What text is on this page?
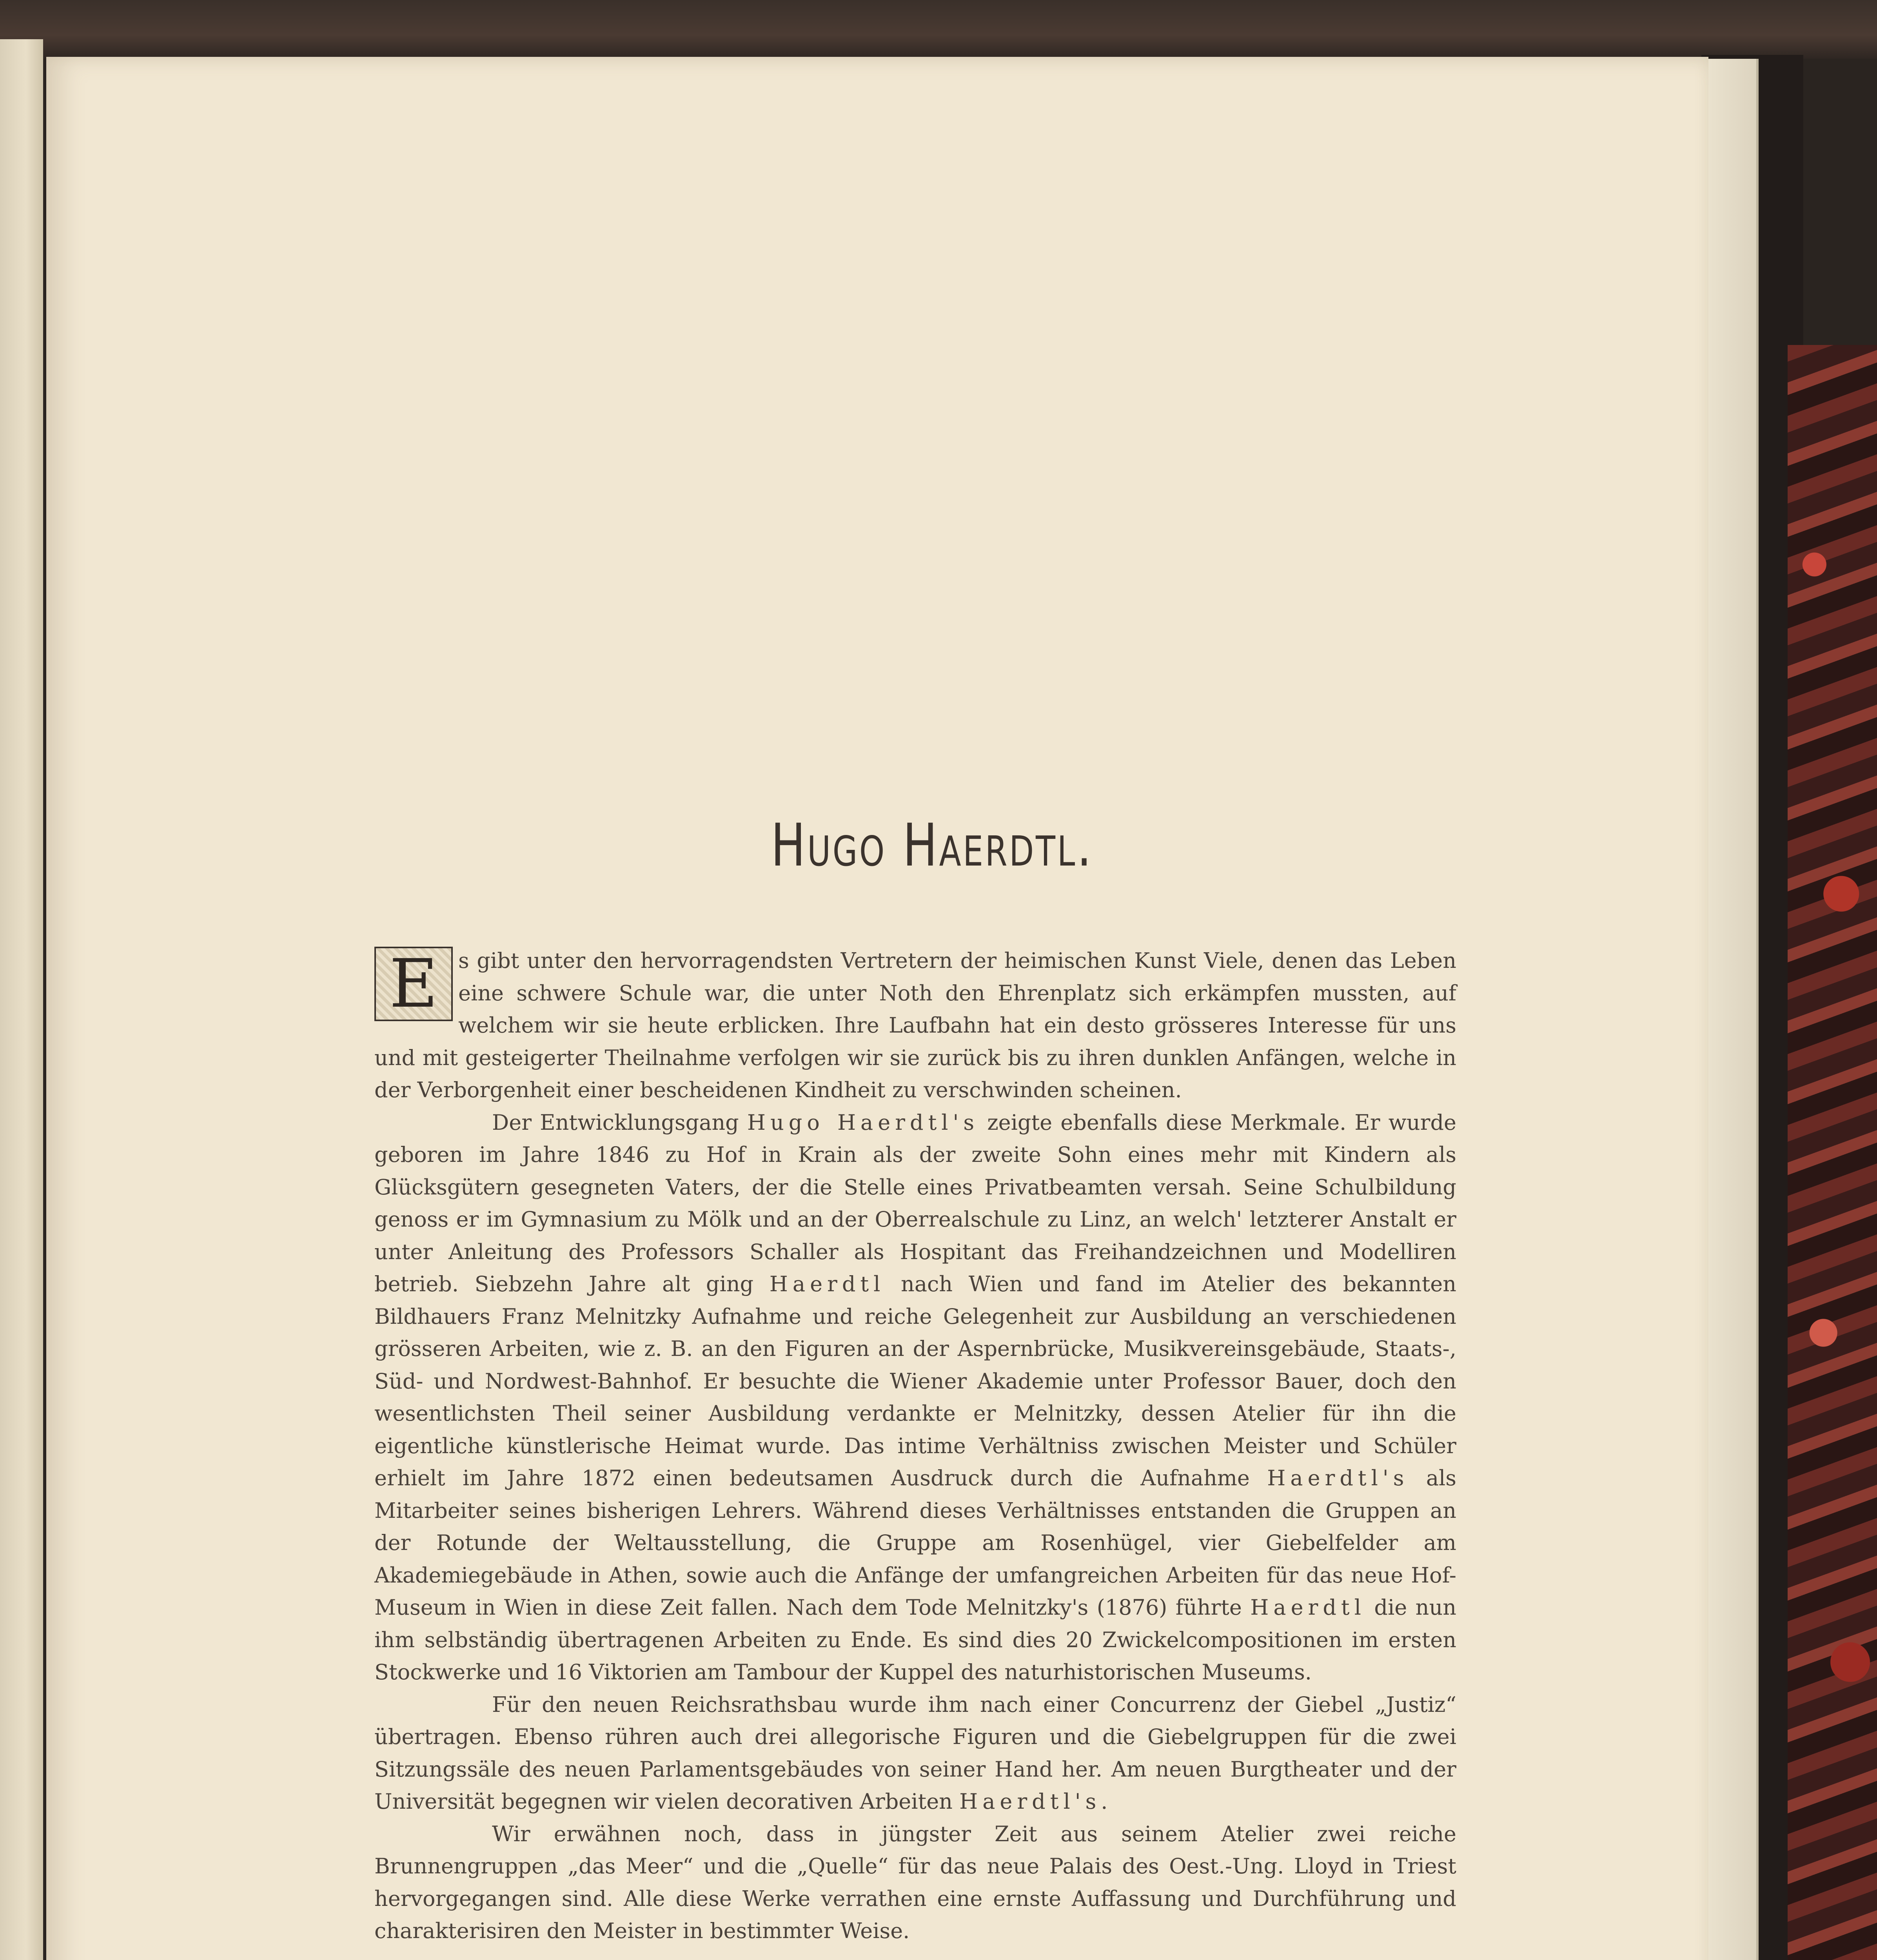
Hugo Haerdtl.

E s gibt unter den hervorragendsten Vertretern der heimischen Kunst Viele, denen das Leben eine schwere Schule war, die unter Noth den Ehrenplatz sich erkämpfen mussten, auf welchem wir sie heute erblicken. Ihre Laufbahn hat ein desto grösseres Interesse für uns und mit gesteigerter Theilnahme verfolgen wir sie zurück bis zu ihren dunklen Anfängen, welche in der Verborgenheit einer bescheidenen Kindheit zu verschwinden scheinen.

Der Entwicklungsgang Hugo Haerdtl's zeigte ebenfalls diese Merkmale. Er wurde geboren im Jahre 1846 zu Hof in Krain als der zweite Sohn eines mehr mit Kindern als Glücksgütern gesegneten Vaters, der die Stelle eines Privatbeamten versah. Seine Schulbildung genoss er im Gymnasium zu Mölk und an der Oberrealschule zu Linz, an welch' letzterer Anstalt er unter Anleitung des Professors Schaller als Hospitant das Freihandzeichnen und Modelliren betrieb. Siebzehn Jahre alt ging Haerdtl nach Wien und fand im Atelier des bekannten Bildhauers Franz Melnitzky Aufnahme und reiche Gelegenheit zur Ausbildung an verschiedenen grösseren Arbeiten, wie z. B. an den Figuren an der Aspernbrücke, Musikvereinsgebäude, Staats-, Süd- und Nordwest-Bahnhof. Er besuchte die Wiener Akademie unter Professor Bauer, doch den wesentlichsten Theil seiner Ausbildung verdankte er Melnitzky, dessen Atelier für ihn die eigentliche künstlerische Heimat wurde. Das intime Verhältniss zwischen Meister und Schüler erhielt im Jahre 1872 einen bedeutsamen Ausdruck durch die Aufnahme Haerdtl's als Mitarbeiter seines bisherigen Lehrers. Während dieses Verhältnisses entstanden die Gruppen an der Rotunde der Weltausstellung, die Gruppe am Rosenhügel, vier Giebelfelder am Akademiegebäude in Athen, sowie auch die Anfänge der umfangreichen Arbeiten für das neue Hof-Museum in Wien in diese Zeit fallen. Nach dem Tode Melnitzky's (1876) führte Haerdtl die nun ihm selbständig übertragenen Arbeiten zu Ende. Es sind dies 20 Zwickelcompositionen im ersten Stockwerke und 16 Viktorien am Tambour der Kuppel des naturhistorischen Museums.

Für den neuen Reichsrathsbau wurde ihm nach einer Concurrenz der Giebel „Justiz“ übertragen. Ebenso rühren auch drei allegorische Figuren und die Giebelgruppen für die zwei Sitzungssäle des neuen Parlamentsgebäudes von seiner Hand her. Am neuen Burgtheater und der Universität begegnen wir vielen decorativen Arbeiten Haerdtl's.

Wir erwähnen noch, dass in jüngster Zeit aus seinem Atelier zwei reiche Brunnengruppen „das Meer“ und die „Quelle“ für das neue Palais des Oest.-Ung. Lloyd in Triest hervorgegangen sind. Alle diese Werke verrathen eine ernste Auffassung und Durchführung und charakterisiren den Meister in bestimmter Weise.
